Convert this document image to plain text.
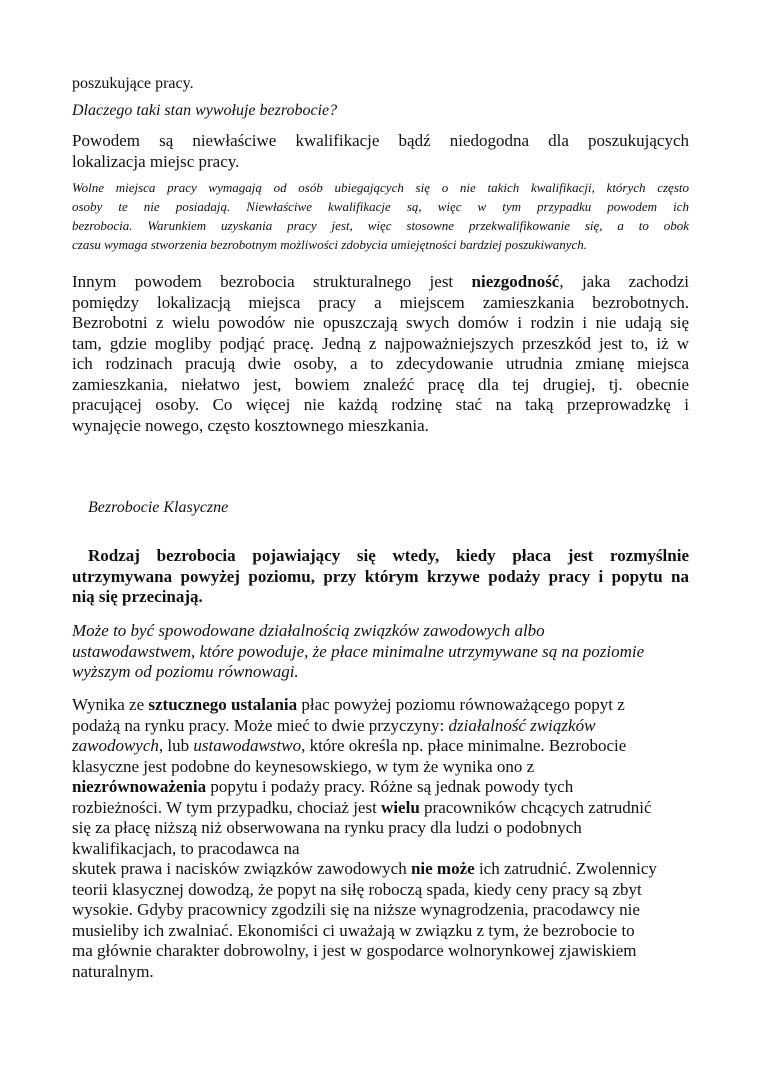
poszukujące pracy.
Dlaczego taki stan wywołuje bezrobocie?
Powodem są niewłaściwe kwalifikacje bądź niedogodna dla poszukujących
lokalizacja miejsc pracy.
Wolne miejsca pracy wymagają od osób ubiegających się o nie takich kwalifikacji, których często
osoby te nie posiadają. Niewłaściwe kwalifikacje są, więc w tym przypadku powodem ich
bezrobocia. Warunkiem uzyskania pracy jest, więc stosowne przekwalifikowanie się, a to obok
czasu wymaga stworzenia bezrobotnym możliwości zdobycia umiejętności bardziej poszukiwanych.
Innym powodem bezrobocia strukturalnego jest niezgodność, jaka zachodzi
pomiędzy lokalizacją miejsca pracy a miejscem zamieszkania bezrobotnych.
Bezrobotni z wielu powodów nie opuszczają swych domów i rodzin i nie udają się
tam, gdzie mogliby podjąć pracę. Jedną z najpoważniejszych przeszkód jest to, iż w
ich rodzinach pracują dwie osoby, a to zdecydowanie utrudnia zmianę miejsca
zamieszkania, niełatwo jest, bowiem znaleźć pracę dla tej drugiej, tj. obecnie
pracującej osoby. Co więcej nie każdą rodzinę stać na taką przeprowadzkę i
wynajęcie nowego, często kosztownego mieszkania.
Bezrobocie Klasyczne
Rodzaj bezrobocia pojawiający się wtedy, kiedy płaca jest rozmyślnie
utrzymywana powyżej poziomu, przy którym krzywe podaży pracy i popytu na
nią się przecinają.
Może to być spowodowane działalnością związków zawodowych albo
ustawodawstwem, które powoduje, że płace minimalne utrzymywane są na poziomie
wyższym od poziomu równowagi.
Wynika ze sztucznego ustalania płac powyżej poziomu równoważącego popyt z
podażą na rynku pracy. Może mieć to dwie przyczyny: działalność związków
zawodowych, lub ustawodawstwo, które określa np. płace minimalne. Bezrobocie
klasyczne jest podobne do keynesowskiego, w tym że wynika ono z
niezrównoważenia popytu i podaży pracy. Różne są jednak powody tych
rozbieżności. W tym przypadku, chociaż jest wielu pracowników chcących zatrudnić
się za płacę niższą niż obserwowana na rynku pracy dla ludzi o podobnych
kwalifikacjach, to pracodawca na
skutek prawa i nacisków związków zawodowych nie może ich zatrudnić. Zwolennicy
teorii klasycznej dowodzą, że popyt na siłę roboczą spada, kiedy ceny pracy są zbyt
wysokie. Gdyby pracownicy zgodzili się na niższe wynagrodzenia, pracodawcy nie
musieliby ich zwalniać. Ekonomiści ci uważają w związku z tym, że bezrobocie to
ma głównie charakter dobrowolny, i jest w gospodarce wolnorynkowej zjawiskiem
naturalnym.
